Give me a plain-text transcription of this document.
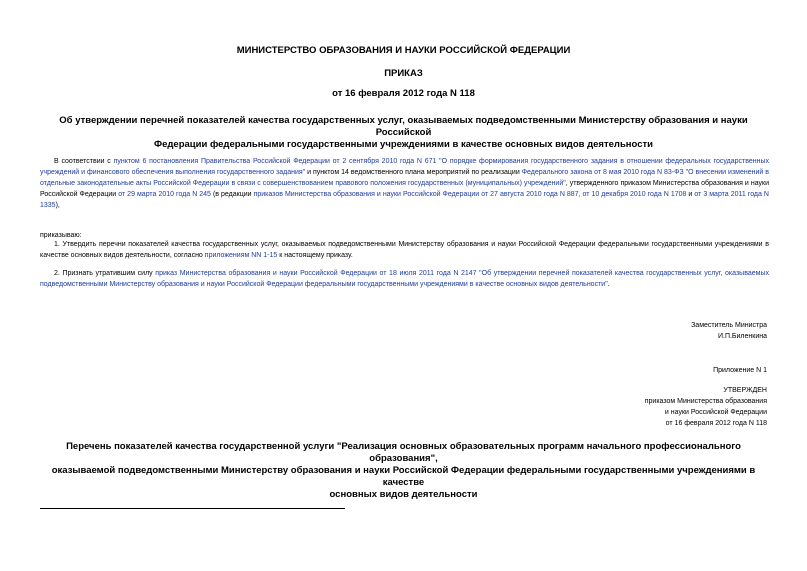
МИНИСТЕРСТВО ОБРАЗОВАНИЯ И НАУКИ РОССИЙСКОЙ ФЕДЕРАЦИИ
ПРИКАЗ
от 16 февраля 2012 года N 118
Об утверждении перечней показателей качества государственных услуг, оказываемых подведомственными Министерству образования и науки Российской
Федерации федеральными государственными учреждениями в качестве основных видов деятельности
В соответствии с пунктом 6 постановления Правительства Российской Федерации от 2 сентября 2010 года N 671 "О порядке формирования государственного задания в отношении федеральных государственных учреждений и финансового обеспечения выполнения государственного задания" и пунктом 14 ведомственного плана мероприятий по реализации Федерального закона от 8 мая 2010 года N 83-ФЗ "О внесении изменений в отдельные законодательные акты Российской Федерации в связи с совершенствованием правового положения государственных (муниципальных) учреждений", утвержденного приказом Министерства образования и науки Российской Федерации от 29 марта 2010 года N 245 (в редакции приказов Министерства образования и науки Российской Федерации от 27 августа 2010 года N 887, от 10 декабря 2010 года N 1708 и от 3 марта 2011 года N 1335),
приказываю:
1. Утвердить перечни показателей качества государственных услуг, оказываемых подведомственными Министерству образования и науки Российской Федерации федеральными государственными учреждениями в качестве основных видов деятельности, согласно приложениям NN 1-15 к настоящему приказу.
2. Признать утратившим силу приказ Министерства образования и науки Российской Федерации от 18 июля 2011 года N 2147 "Об утверждении перечней показателей качества государственных услуг, оказываемых подведомственными Министерству образования и науки Российской Федерации федеральными государственными учреждениями в качестве основных видов деятельности".
Заместитель Министра
И.П.Биленкина
Приложение N 1
УТВЕРЖДЕН
приказом Министерства образования
и науки Российской Федерации
от 16 февраля 2012 года N 118
Перечень показателей качества государственной услуги "Реализация основных образовательных программ начального профессионального образования",
оказываемой подведомственными Министерству образования и науки Российской Федерации федеральными государственными учреждениями в качестве
основных видов деятельности
